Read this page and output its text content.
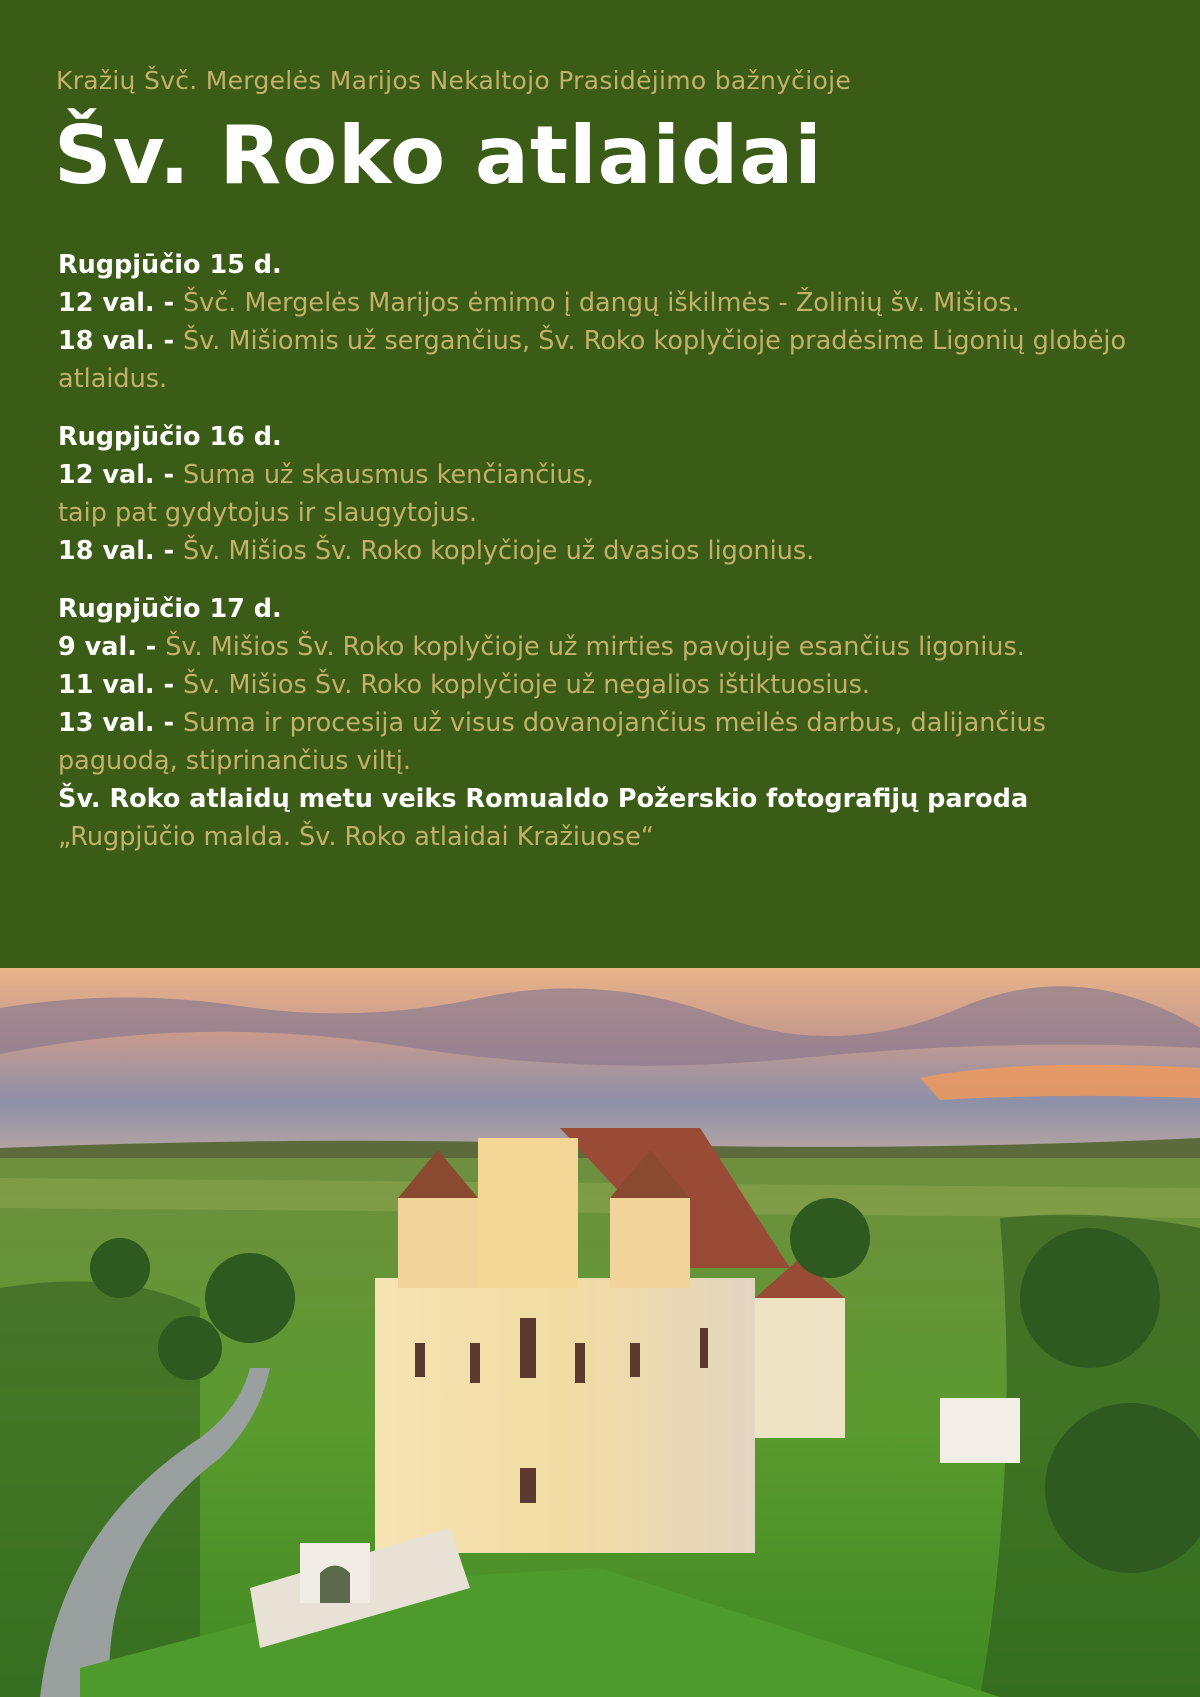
Kražių Švč. Mergelės Marijos Nekaltojo Prasidėjimo bažnyčioje
Šv. Roko atlaidai
Rugpjūčio 15 d.
12 val. - Švč. Mergelės Marijos ėmimo į dangų iškilmės - Žolinių šv. Mišios.
18 val. - Šv. Mišiomis už sergančius, Šv. Roko koplyčioje pradėsime Ligonių globėjo atlaidus.
Rugpjūčio 16 d.
12 val. - Suma už skausmus kenčiančius,
taip pat gydytojus ir slaugytojus.
18 val. - Šv. Mišios Šv. Roko koplyčioje už dvasios ligonius.
Rugpjūčio 17 d.
9 val. - Šv. Mišios Šv. Roko koplyčioje už mirties pavojuje esančius ligonius.
11 val. - Šv. Mišios Šv. Roko koplyčioje už negalios ištiktuosius.
13 val. - Suma ir procesija už visus dovanojančius meilės darbus, dalijančius paguodą, stiprinančius viltį.
Šv. Roko atlaidų metu veiks Romualdo Požerskio fotografijų paroda
„Rugpjūčio malda. Šv. Roko atlaidai Kražiuose“
